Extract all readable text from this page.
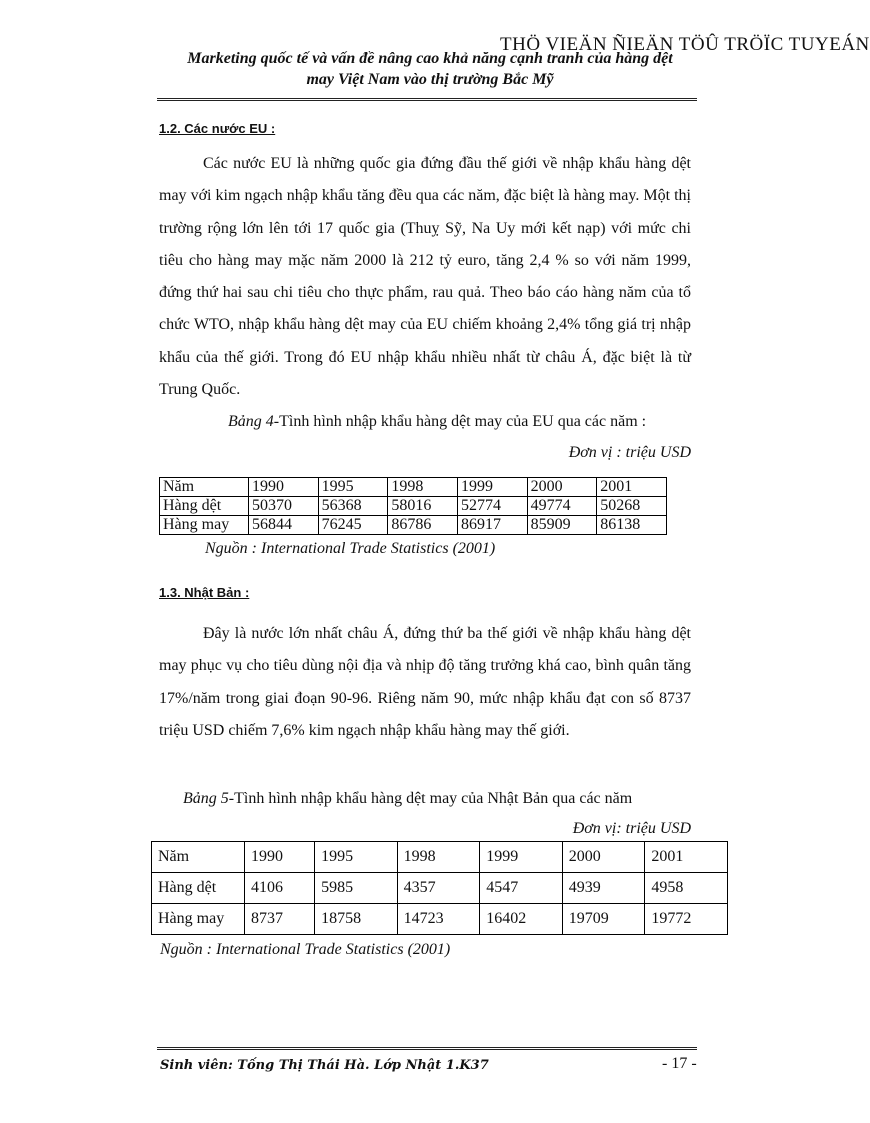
THÖ VIEÄN ÑIEÄN TÖÛ TRÖÏC TUYEÁN
Marketing quốc tế và vấn đề nâng cao khả năng cạnh tranh của hàng dệt
may Việt Nam vào thị trường Bắc Mỹ
1.2. Các nước EU :
Các nước EU là những quốc gia đứng đầu thế giới về nhập khẩu hàng dệt may với kim ngạch nhập khẩu tăng đều qua các năm, đặc biệt là hàng may. Một thị trường rộng lớn lên tới 17 quốc gia (Thuỵ Sỹ, Na Uy mới kết nạp) với mức chi tiêu cho hàng may mặc năm 2000 là 212 tỷ euro, tăng 2,4 % so với năm 1999, đứng thứ hai sau chi tiêu cho thực phẩm, rau quả. Theo báo cáo hàng năm của tổ chức WTO, nhập khẩu hàng dệt may của EU chiếm khoảng 2,4% tổng giá trị nhập khẩu của thế giới. Trong đó EU nhập khẩu nhiều nhất từ châu Á, đặc biệt là từ Trung Quốc.
Bảng 4-Tình hình nhập khẩu hàng dệt may của EU qua các năm :
Đơn vị : triệu USD
Năm	1990	1995	1998	1999	2000	2001
Hàng dệt	50370	56368	58016	52774	49774	50268
Hàng may	56844	76245	86786	86917	85909	86138
Nguồn : International Trade Statistics (2001)
1.3. Nhật Bản :
Đây là nước lớn nhất châu Á, đứng thứ ba thế giới về nhập khẩu hàng dệt may phục vụ cho tiêu dùng nội địa và nhịp độ tăng trưởng khá cao, bình quân tăng 17%/năm trong giai đoạn 90-96. Riêng năm 90, mức nhập khẩu đạt con số 8737 triệu USD chiếm 7,6% kim ngạch nhập khẩu hàng may thế giới.
Bảng 5-Tình hình nhập khẩu hàng dệt may của Nhật Bản qua các năm
Đơn vị: triệu USD
Năm	1990	1995	1998	1999	2000	2001
Hàng dệt	4106	5985	4357	4547	4939	4958
Hàng may	8737	18758	14723	16402	19709	19772
Nguồn : International Trade Statistics (2001)
Sinh viên: Tống Thị Thái Hà. Lớp Nhật 1.K37	- 17 -
